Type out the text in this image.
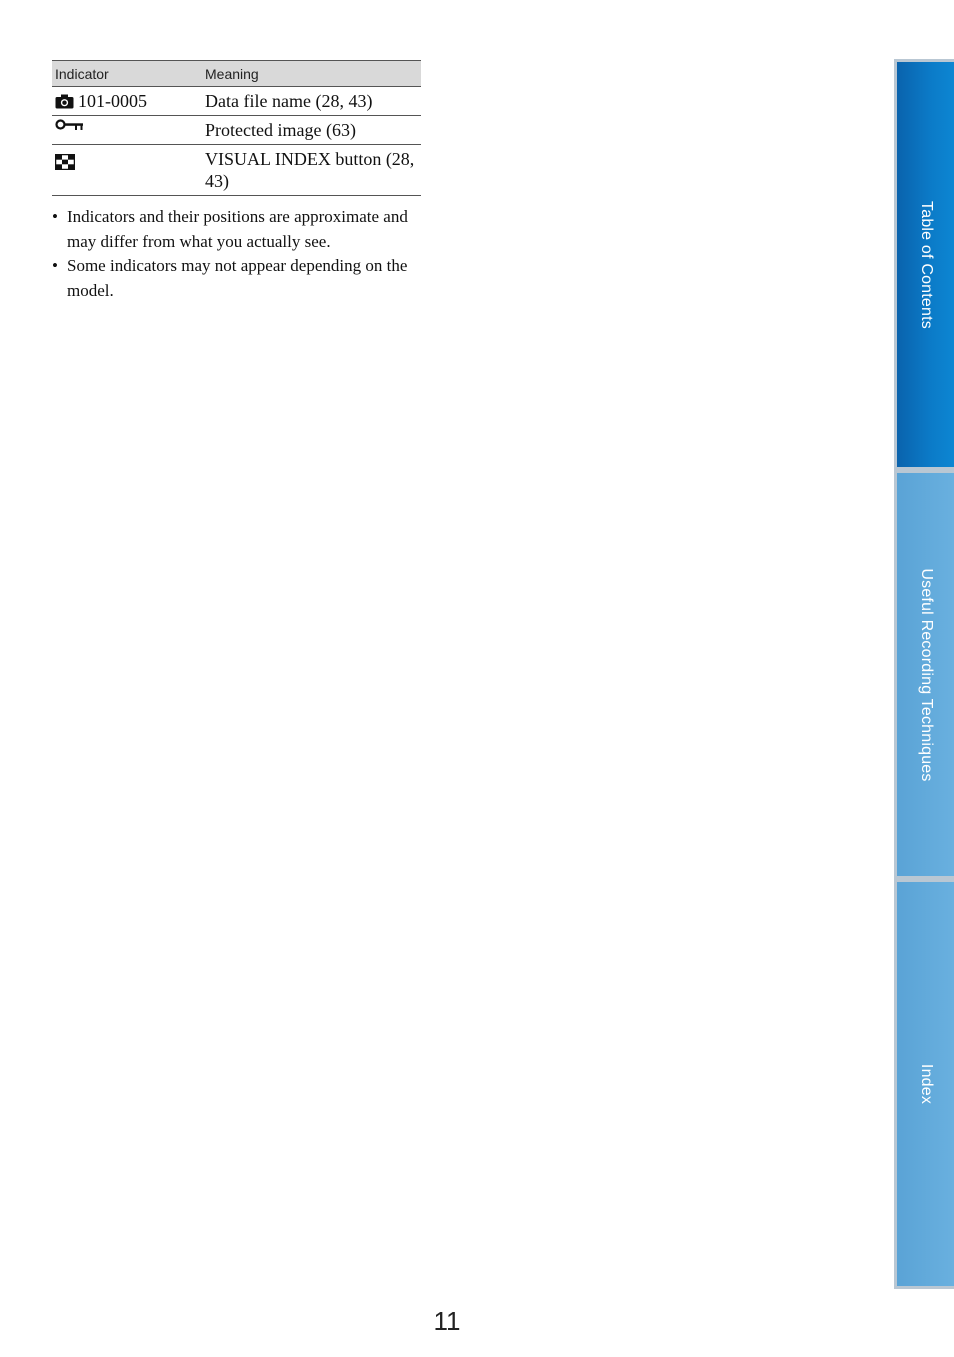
Indicator	Meaning

101-0005	Data file name (28, 43)

	Protected image (63)

	VISUAL INDEX button (28, 43)
• Indicators and their positions are approximate and may differ from what you actually see.
• Some indicators may not appear depending on the model.
11
Table of Contents
Useful Recording Techniques
Index
